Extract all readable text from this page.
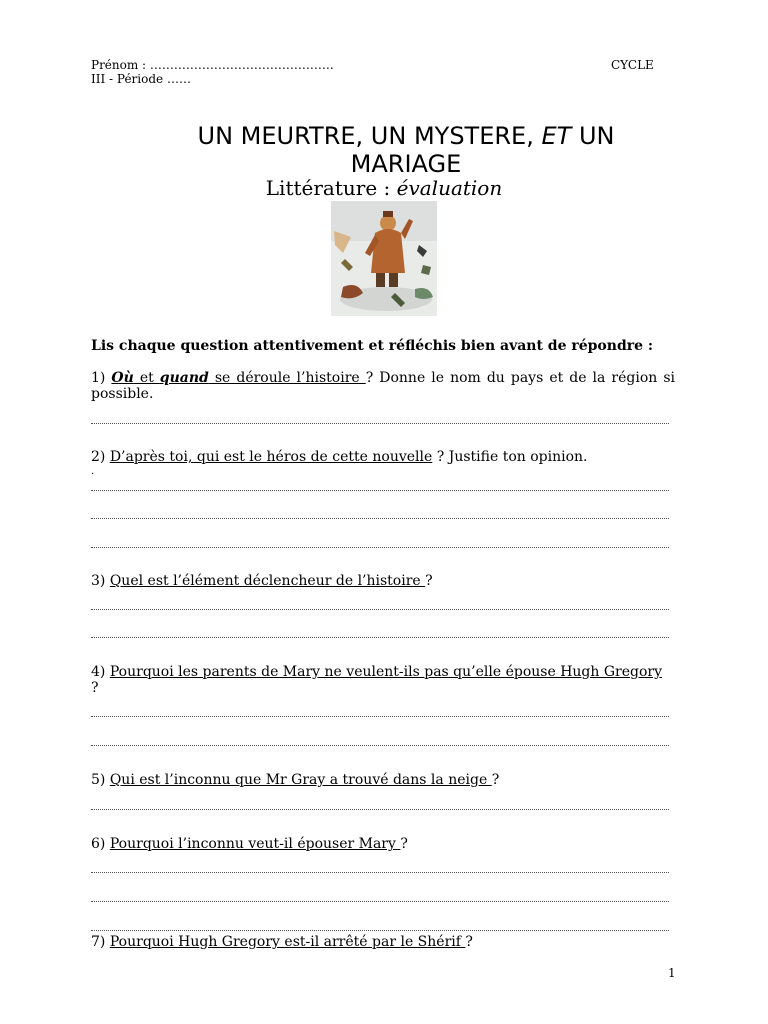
Prénom : ……………………………………….	CYCLE
III - Période ……
UN MEURTRE, UN MYSTERE, ET UN
MARIAGE
Littérature : évaluation
Lis chaque question attentivement et réfléchis bien avant de répondre :
1) Où et quand se déroule l’histoire ? Donne le nom du pays et de la région si possible.
2) D’après toi, qui est le héros de cette nouvelle ? Justifie ton opinion.
.
3) Quel est l’élément déclencheur de l’histoire ?
4) Pourquoi les parents de Mary ne veulent-ils pas qu’elle épouse Hugh Gregory
?
5) Qui est l’inconnu que Mr Gray a trouvé dans la neige ?
6) Pourquoi l’inconnu veut-il épouser Mary ?
7) Pourquoi Hugh Gregory est-il arrêté par le Shérif ?
1
